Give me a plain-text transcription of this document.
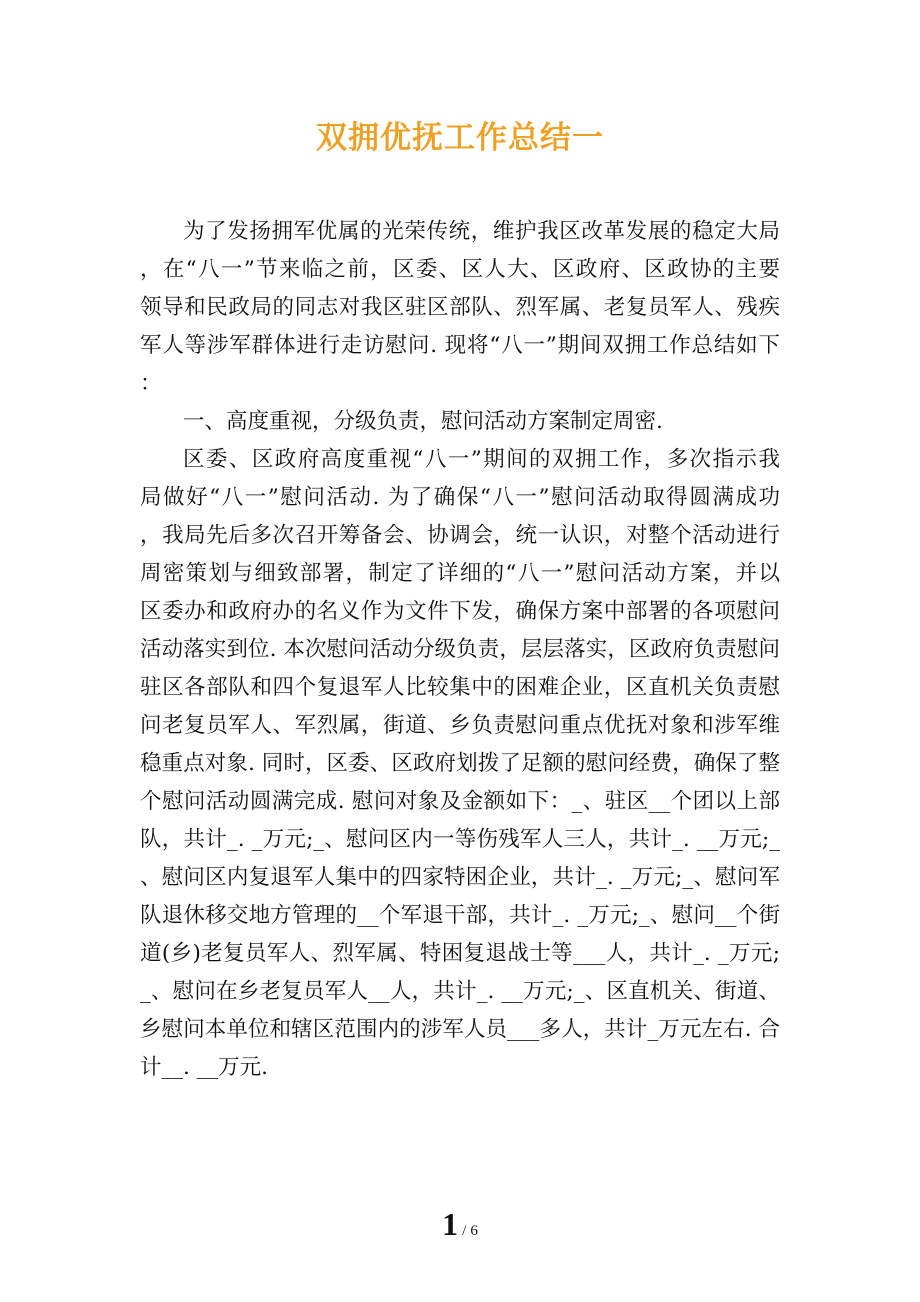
双拥优抚工作总结一
为了发扬拥军优属的光荣传统，维护我区改革发展的稳定大局
，在“八一”节来临之前，区委、区人大、区政府、区政协的主要
领导和民政局的同志对我区驻区部队、烈军属、老复员军人、残疾
军人等涉军群体进行走访慰问. 现将“八一”期间双拥工作总结如下
：
一、高度重视，分级负责，慰问活动方案制定周密.
区委、区政府高度重视“八一”期间的双拥工作，多次指示我
局做好“八一”慰问活动. 为了确保“八一”慰问活动取得圆满成功
，我局先后多次召开筹备会、协调会，统一认识，对整个活动进行
周密策划与细致部署，制定了详细的“八一”慰问活动方案，并以
区委办和政府办的名义作为文件下发，确保方案中部署的各项慰问
活动落实到位. 本次慰问活动分级负责，层层落实，区政府负责慰问
驻区各部队和四个复退军人比较集中的困难企业，区直机关负责慰
问老复员军人、军烈属，街道、乡负责慰问重点优抚对象和涉军维
稳重点对象. 同时，区委、区政府划拨了足额的慰问经费，确保了整
个慰问活动圆满完成. 慰问对象及金额如下：_、驻区__个团以上部
队，共计_. _万元;_、慰问区内一等伤残军人三人，共计_. __万元;_
、慰问区内复退军人集中的四家特困企业，共计_. _万元;_、慰问军
队退休移交地方管理的__个军退干部，共计_. _万元;_、慰问__个街
道(乡)老复员军人、烈军属、特困复退战士等___人，共计_. _万元;
_、慰问在乡老复员军人__人，共计_. __万元;_、区直机关、街道、
乡慰问本单位和辖区范围内的涉军人员___多人，共计_万元左右. 合
计__. __万元.
1 / 6
